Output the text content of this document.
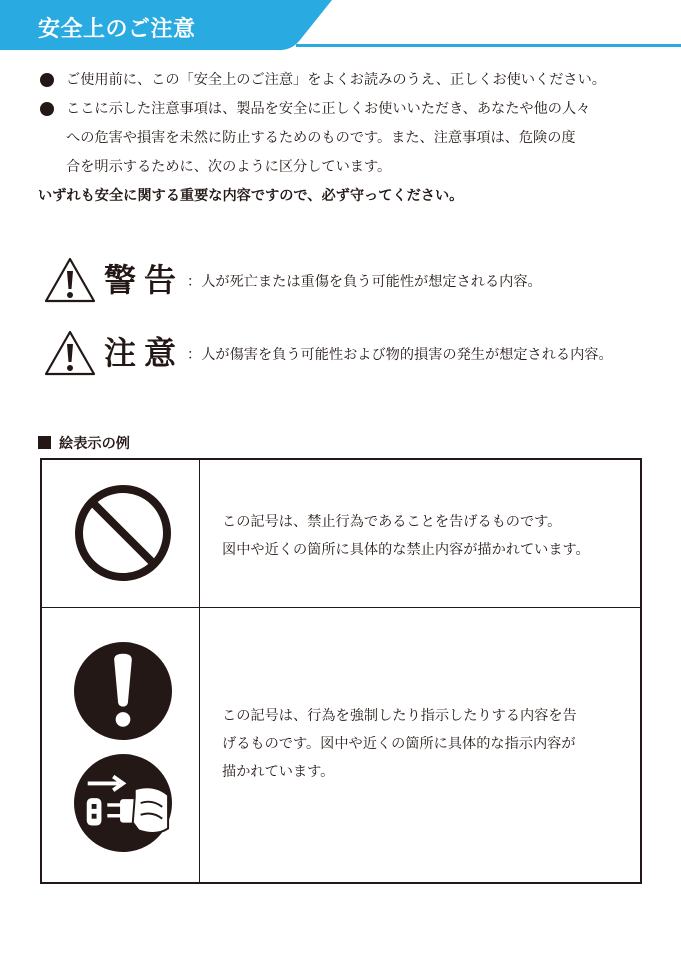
安全上のご注意
ご使用前に、この「安全上のご注意」をよくお読みのうえ、正しくお使いください。
ここに示した注意事項は、製品を安全に正しくお使いいただき、あなたや他の人々
への危害や損害を未然に防止するためのものです。また、注意事項は、危険の度
合を明示するために、次のように区分しています。
いずれも安全に関する重要な内容ですので、必ず守ってください。
警告 ：人が死亡または重傷を負う可能性が想定される内容。
注意 ：人が傷害を負う可能性および物的損害の発生が想定される内容。
絵表示の例
この記号は、禁止行為であることを告げるものです。
図中や近くの箇所に具体的な禁止内容が描かれています。
この記号は、行為を強制したり指示したりする内容を告
げるものです。図中や近くの箇所に具体的な指示内容が
描かれています。
